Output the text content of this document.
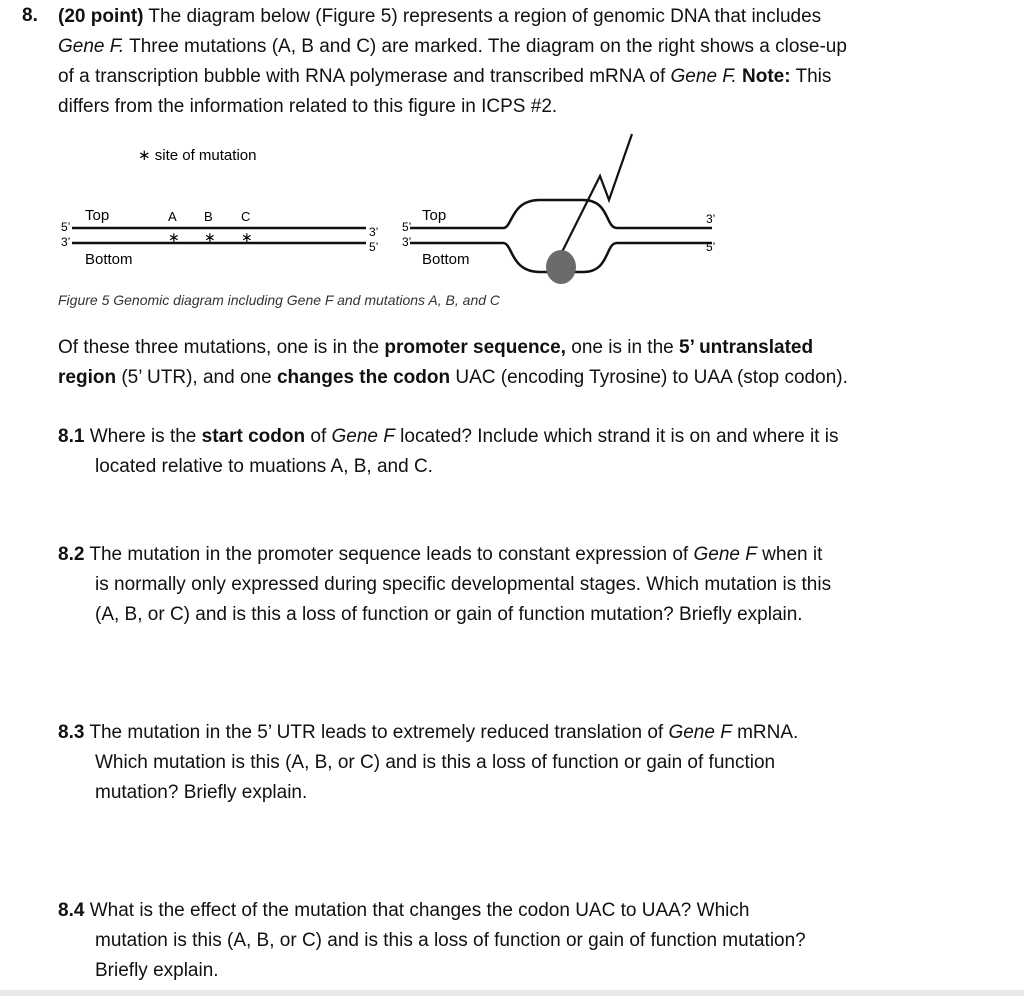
8. (20 point) The diagram below (Figure 5) represents a region of genomic DNA that includes
Gene F. Three mutations (A, B and C) are marked. The diagram on the right shows a close-up
of a transcription bubble with RNA polymerase and transcribed mRNA of Gene F. Note: This
differs from the information related to this figure in ICPS #2.
Of these three mutations, one is in the promoter sequence, one is in the 5’ untranslated
region (5’ UTR), and one changes the codon UAC (encoding Tyrosine) to UAA (stop codon).
8.1 Where is the start codon of Gene F located? Include which strand it is on and where it is
located relative to muations A, B, and C.
8.2 The mutation in the promoter sequence leads to constant expression of Gene F when it
is normally only expressed during specific developmental stages. Which mutation is this
(A, B, or C) and is this a loss of function or gain of function mutation? Briefly explain.
8.3 The mutation in the 5’ UTR leads to extremely reduced translation of Gene F mRNA.
Which mutation is this (A, B, or C) and is this a loss of function or gain of function
mutation? Briefly explain.
8.4 What is the effect of the mutation that changes the codon UAC to UAA? Which
mutation is this (A, B, or C) and is this a loss of function or gain of function mutation?
Briefly explain.
∗ site of mutation
5’
3’
3’
5’
Top
Bottom
A B C
∗ ∗ ∗
5’
3’
3’
5’
Top
Bottom
Figure 5 Genomic diagram including Gene F and mutations A, B, and C
